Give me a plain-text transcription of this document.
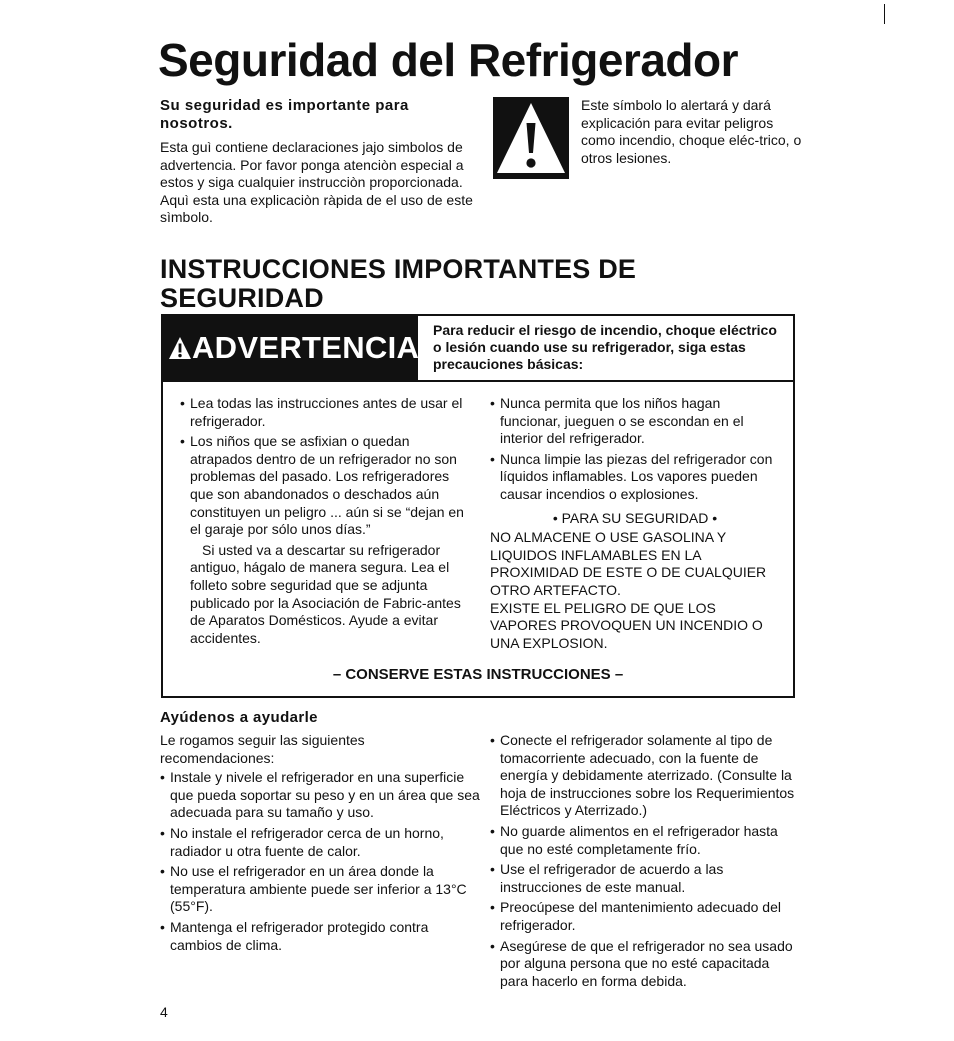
Seguridad del Refrigerador
Su seguridad es importante para nosotros.
Esta guì contiene declaraciones jajo simbolos de advertencia. Por favor ponga atenciòn especial a estos y siga cualquier instrucciòn proporcionada. Aquì esta una explicaciòn ràpida de el uso de este sìmbolo.
Este símbolo lo alertará y dará explicación para evitar peligros como incendio, choque eléc-trico, o otros lesiones.
INSTRUCCIONES IMPORTANTES DE SEGURIDAD
ADVERTENCIA Para reducir el riesgo de incendio, choque eléctrico o lesión cuando use su refrigerador, siga estas precauciones básicas:
• Lea todas las instrucciones antes de usar el refrigerador.
• Los niños que se asfixian o quedan atrapados dentro de un refrigerador no son problemas del pasado. Los refrigeradores que son abandonados o deschados aún constituyen un peligro ... aún si se “dejan en el garaje por sólo unos días.”
Si usted va a descartar su refrigerador antiguo, hágalo de manera segura. Lea el folleto sobre seguridad que se adjunta publicado por la Asociación de Fabric-antes de Aparatos Domésticos. Ayude a evitar accidentes.
• Nunca permita que los niños hagan funcionar, jueguen o se escondan en el interior del refrigerador.
• Nunca limpie las piezas del refrigerador con líquidos inflamables. Los vapores pueden causar incendios o explosiones.
• PARA SU SEGURIDAD •
NO ALMACENE O USE GASOLINA Y LIQUIDOS INFLAMABLES EN LA PROXIMIDAD DE ESTE O DE CUALQUIER OTRO ARTEFACTO.
EXISTE EL PELIGRO DE QUE LOS VAPORES PROVOQUEN UN INCENDIO O UNA EXPLOSION.
– CONSERVE ESTAS INSTRUCCIONES –
Ayúdenos a ayudarle
Le rogamos seguir las siguientes recomendaciones:
• Instale y nivele el refrigerador en una superficie que pueda soportar su peso y en un área que sea adecuada para su tamaño y uso.
• No instale el refrigerador cerca de un horno, radiador u otra fuente de calor.
• No use el refrigerador en un área donde la temperatura ambiente puede ser inferior a 13°C (55°F).
• Mantenga el refrigerador protegido contra cambios de clima.
• Conecte el refrigerador solamente al tipo de tomacorriente adecuado, con la fuente de energía y debidamente aterrizado. (Consulte la hoja de instrucciones sobre los Requerimientos Eléctricos y Aterrizado.)
• No guarde alimentos en el refrigerador hasta que no esté completamente frío.
• Use el refrigerador de acuerdo a las instrucciones de este manual.
• Preocúpese del mantenimiento adecuado del refrigerador.
• Asegúrese de que el refrigerador no sea usado por alguna persona que no esté capacitada para hacerlo en forma debida.
4
